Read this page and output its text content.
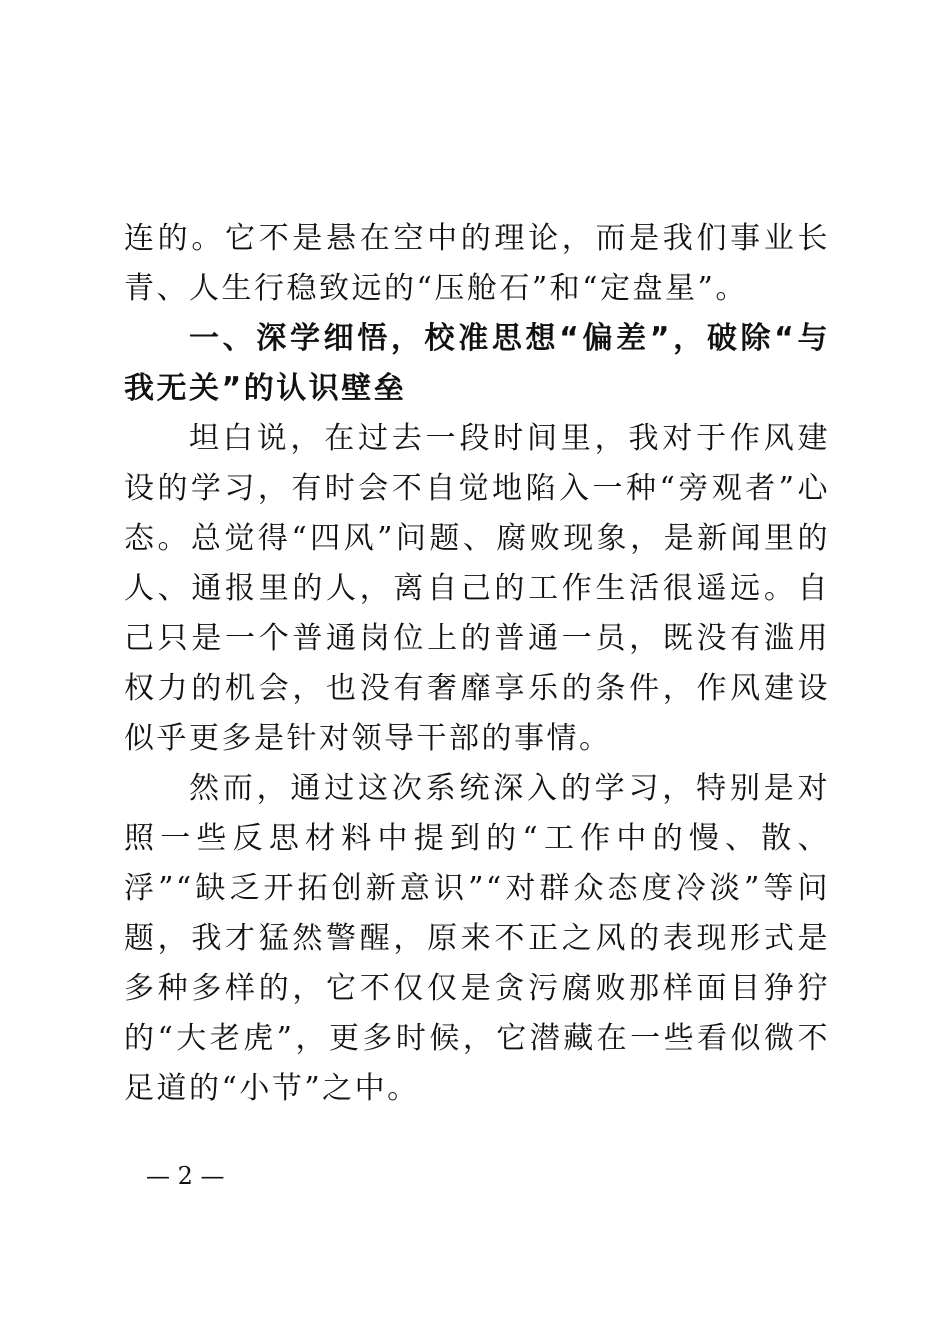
连的。它不是悬在空中的理论，而是我们事业长青、人生行稳致远的“压舱石”和“定盘星”。

一、深学细悟，校准思想“偏差”，破除“与我无关”的认识壁垒

坦白说，在过去一段时间里，我对于作风建设的学习，有时会不自觉地陷入一种“旁观者”心态。总觉得“四风”问题、腐败现象，是新闻里的人、通报里的人，离自己的工作生活很遥远。自己只是一个普通岗位上的普通一员，既没有滥用权力的机会，也没有奢靡享乐的条件，作风建设似乎更多是针对领导干部的事情。

然而，通过这次系统深入的学习，特别是对照一些反思材料中提到的“工作中的慢、散、浮”“缺乏开拓创新意识”“对群众态度冷淡”等问题，我才猛然警醒，原来不正之风的表现形式是多种多样的，它不仅仅是贪污腐败那样面目狰狞的“大老虎”，更多时候，它潜藏在一些看似微不足道的“小节”之中。

— 2 —
